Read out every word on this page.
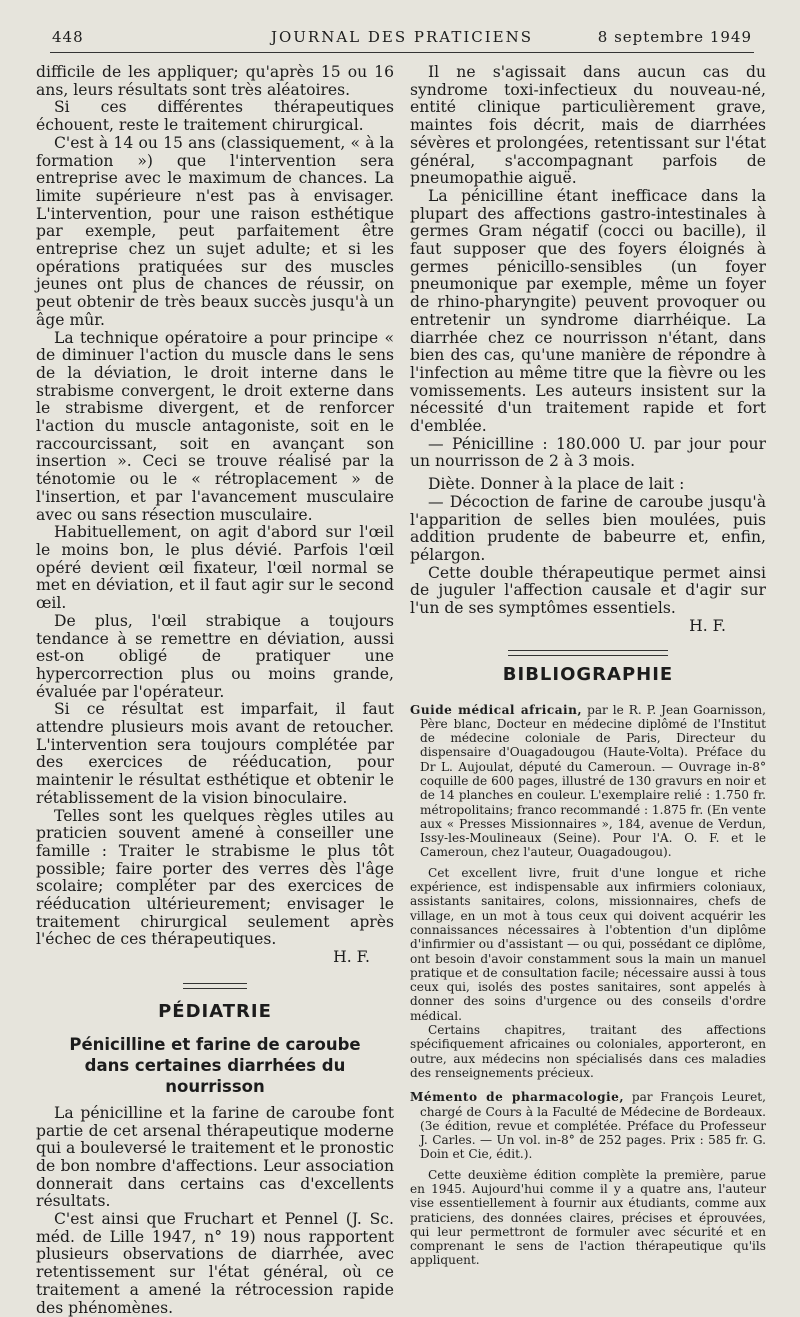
448	JOURNAL DES PRATICIENS	8 septembre 1949

difficile de les appliquer; qu'après 15 ou 16 ans, leurs résultats sont très aléatoires.

Si ces différentes thérapeutiques échouent, reste le traitement chirurgical.

C'est à 14 ou 15 ans (classiquement, « à la formation ») que l'intervention sera entreprise avec le maximum de chances. La limite supérieure n'est pas à envisager. L'intervention, pour une raison esthétique par exemple, peut parfaitement être entreprise chez un sujet adulte; et si les opérations pratiquées sur des muscles jeunes ont plus de chances de réussir, on peut obtenir de très beaux succès jusqu'à un âge mûr.

La technique opératoire a pour principe « de diminuer l'action du muscle dans le sens de la déviation, le droit interne dans le strabisme convergent, le droit externe dans le strabisme divergent, et de renforcer l'action du muscle antagoniste, soit en le raccourcissant, soit en avançant son insertion ». Ceci se trouve réalisé par la ténotomie ou le « rétroplacement » de l'insertion, et par l'avancement musculaire avec ou sans résection musculaire.

Habituellement, on agit d'abord sur l'œil le moins bon, le plus dévié. Parfois l'œil opéré devient œil fixateur, l'œil normal se met en déviation, et il faut agir sur le second œil.

De plus, l'œil strabique a toujours tendance à se remettre en déviation, aussi est-on obligé de pratiquer une hypercorrection plus ou moins grande, évaluée par l'opérateur.

Si ce résultat est imparfait, il faut attendre plusieurs mois avant de retoucher. L'intervention sera toujours complétée par des exercices de rééducation, pour maintenir le résultat esthétique et obtenir le rétablissement de la vision binoculaire.

Telles sont les quelques règles utiles au praticien souvent amené à conseiller une famille : Traiter le strabisme le plus tôt possible; faire porter des verres dès l'âge scolaire; compléter par des exercices de rééducation ultérieurement; envisager le traitement chirurgical seulement après l'échec de ces thérapeutiques.

H. F.

PÉDIATRIE
Pénicilline et farine de caroube
dans certaines diarrhées du nourrisson

La pénicilline et la farine de caroube font partie de cet arsenal thérapeutique moderne qui a bouleversé le traitement et le pronostic de bon nombre d'affections. Leur association donnerait dans certains cas d'excellents résultats.

C'est ainsi que Fruchart et Pennel (J. Sc. méd. de Lille 1947, n° 19) nous rapportent plusieurs observations de diarrhée, avec retentissement sur l'état général, où ce traitement a amené la rétrocession rapide des phénomènes.

Il ne s'agissait dans aucun cas du syndrome toxi-infectieux du nouveau-né, entité clinique particulièrement grave, maintes fois décrit, mais de diarrhées sévères et prolongées, retentissant sur l'état général, s'accompagnant parfois de pneumopathie aiguë.

La pénicilline étant inefficace dans la plupart des affections gastro-intestinales à germes Gram négatif (cocci ou bacille), il faut supposer que des foyers éloignés à germes pénicillo-sensibles (un foyer pneumonique par exemple, même un foyer de rhino-pharyngite) peuvent provoquer ou entretenir un syndrome diarrhéique. La diarrhée chez ce nourrisson n'étant, dans bien des cas, qu'une manière de répondre à l'infection au même titre que la fièvre ou les vomissements. Les auteurs insistent sur la nécessité d'un traitement rapide et fort d'emblée.

— Pénicilline : 180.000 U. par jour pour un nourrisson de 2 à 3 mois.

Diète. Donner à la place de lait :

— Décoction de farine de caroube jusqu'à l'apparition de selles bien moulées, puis addition prudente de babeurre et, enfin, pélargon.

Cette double thérapeutique permet ainsi de juguler l'affection causale et d'agir sur l'un de ses symptômes essentiels.

H. F.

BIBLIOGRAPHIE

Guide médical africain, par le R. P. Jean Goarnisson, Père blanc, Docteur en médecine diplômé de l'Institut de médecine coloniale de Paris, Directeur du dispensaire d'Ouagadougou (Haute-Volta). Préface du Dr L. Aujoulat, député du Cameroun. — Ouvrage in-8° coquille de 600 pages, illustré de 130 gravurs en noir et de 14 planches en couleur. L'exemplaire relié : 1.750 fr. métropolitains; franco recommandé : 1.875 fr. (En vente aux « Presses Missionnaires », 184, avenue de Verdun, Issy-les-Moulineaux (Seine). Pour l'A. O. F. et le Cameroun, chez l'auteur, Ouagadougou).

Cet excellent livre, fruit d'une longue et riche expérience, est indispensable aux infirmiers coloniaux, assistants sanitaires, colons, missionnaires, chefs de village, en un mot à tous ceux qui doivent acquérir les connaissances nécessaires à l'obtention d'un diplôme d'infirmier ou d'assistant — ou qui, possédant ce diplôme, ont besoin d'avoir constamment sous la main un manuel pratique et de consultation facile; nécessaire aussi à tous ceux qui, isolés des postes sanitaires, sont appelés à donner des soins d'urgence ou des conseils d'ordre médical.

Certains chapitres, traitant des affections spécifiquement africaines ou coloniales, apporteront, en outre, aux médecins non spécialisés dans ces maladies des renseignements précieux.

Mémento de pharmacologie, par François Leuret, chargé de Cours à la Faculté de Médecine de Bordeaux. (3e édition, revue et complétée. Préface du Professeur J. Carles. — Un vol. in-8° de 252 pages. Prix : 585 fr. G. Doin et Cie, édit.).

Cette deuxième édition complète la première, parue en 1945. Aujourd'hui comme il y a quatre ans, l'auteur vise essentiellement à fournir aux étudiants, comme aux praticiens, des données claires, précises et éprouvées, qui leur permettront de formuler avec sécurité et en comprenant le sens de l'action thérapeutique qu'ils appliquent.
